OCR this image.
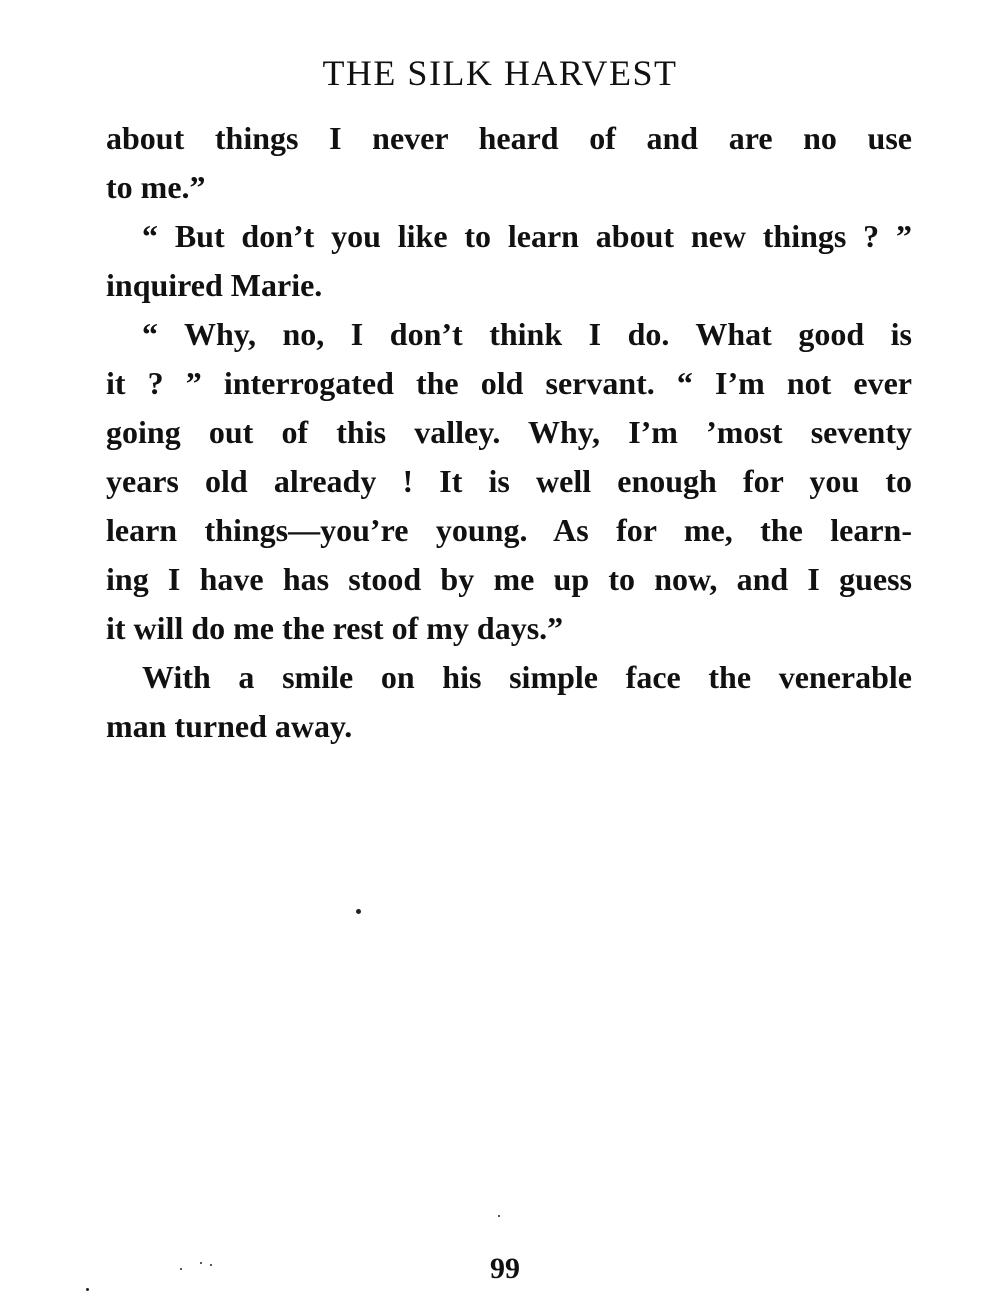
THE SILK HARVEST

about things I never heard of and are no use
to me.”

“ But don’t you like to learn about new things ? ”
inquired Marie.

“ Why, no, I don’t think I do. What good is
it ? ” interrogated the old servant. “ I’m not ever
going out of this valley. Why, I’m ’most seventy
years old already ! It is well enough for you to
learn things—you’re young. As for me, the learn-
ing I have has stood by me up to now, and I guess
it will do me the rest of my days.”

With a smile on his simple face the venerable
man turned away.

99
